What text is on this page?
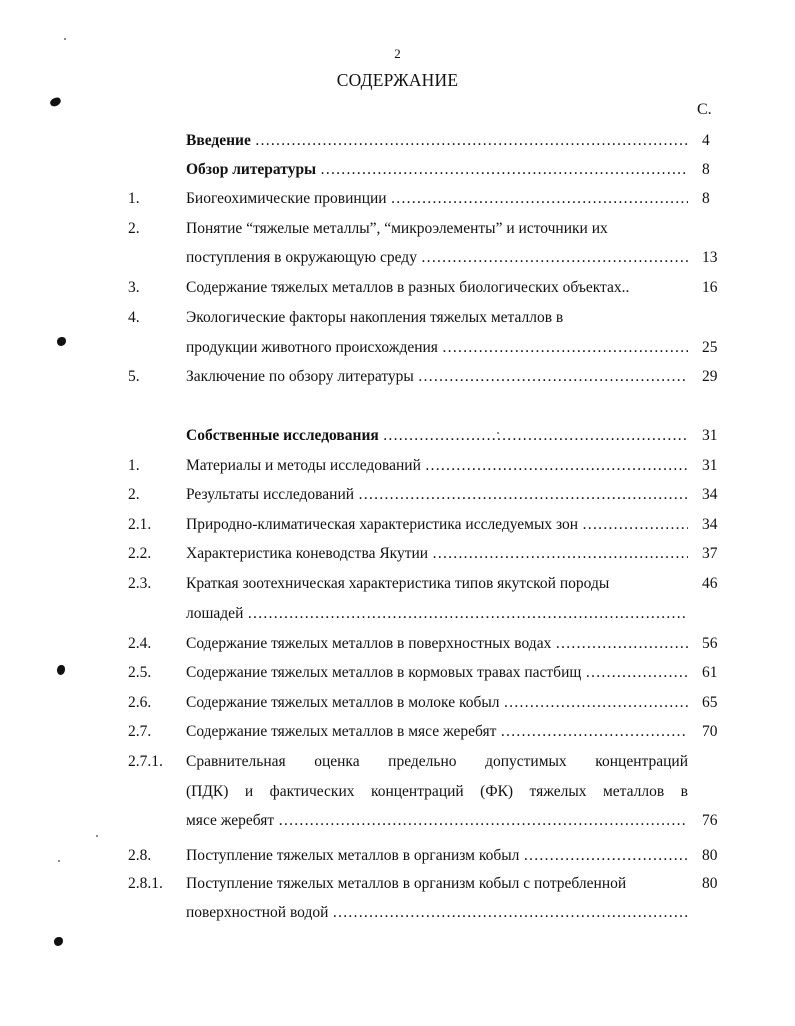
2
СОДЕРЖАНИЕ
С.
Введение ………………………………………………………………………………………………………………………………………………………	4
Обзор литературы ………………………………………………………………………………………………………………………………………………………	8
1.	Биогеохимические провинции ………………………………………………………………………………………………………………………………………………………	8
2.	Понятие “тяжелые металлы”, “микроэлементы” и источники их
поступления в окружающую среду ………………………………………………………………………………………………………………………………………………………	13
3.	Содержание тяжелых металлов в разных биологических объектах..	16
4.	Экологические факторы накопления тяжелых металлов в
продукции животного происхождения ………………………………………………………………………………………………………………………………………………………	25
5.	Заключение по обзору литературы ………………………………………………………………………………………………………………………………………………………	29
Собственные исследования ………………………………………………………………………………………………………………………………………………………	31
1.	Материалы и методы исследований ………………………………………………………………………………………………………………………………………………………	31
2.	Результаты исследований ………………………………………………………………………………………………………………………………………………………	34
2.1. Природно-климатическая характеристика исследуемых зон ………………………………………………………………………………………………………………………………………………………	34
2.2. Характеристика коневодства Якутии ………………………………………………………………………………………………………………………………………………………	37
2.3. Краткая зоотехническая характеристика типов якутской породы	46
лошадей ………………………………………………………………………………………………………………………………………………………
2.4. Содержание тяжелых металлов в поверхностных водах ………………………………………………………………………………………………………………………………………………………	56
2.5. Содержание тяжелых металлов в кормовых травах пастбищ ………………………………………………………………………………………………………………………………………………………	61
2.6. Содержание тяжелых металлов в молоке кобыл ………………………………………………………………………………………………………………………………………………………	65
2.7. Содержание тяжелых металлов в мясе жеребят ………………………………………………………………………………………………………………………………………………………	70
2.7.1. Сравнительная оценка предельно допустимых концентраций
(ПДК) и фактических концентраций (ФК) тяжелых металлов в
мясе жеребят ………………………………………………………………………………………………………………………………………………………	76
2.8. Поступление тяжелых металлов в организм кобыл ………………………………………………………………………………………………………………………………………………………	80
2.8.1. Поступление тяжелых металлов в организм кобыл с потребленной	80
поверхностной водой ………………………………………………………………………………………………………………………………………………………
